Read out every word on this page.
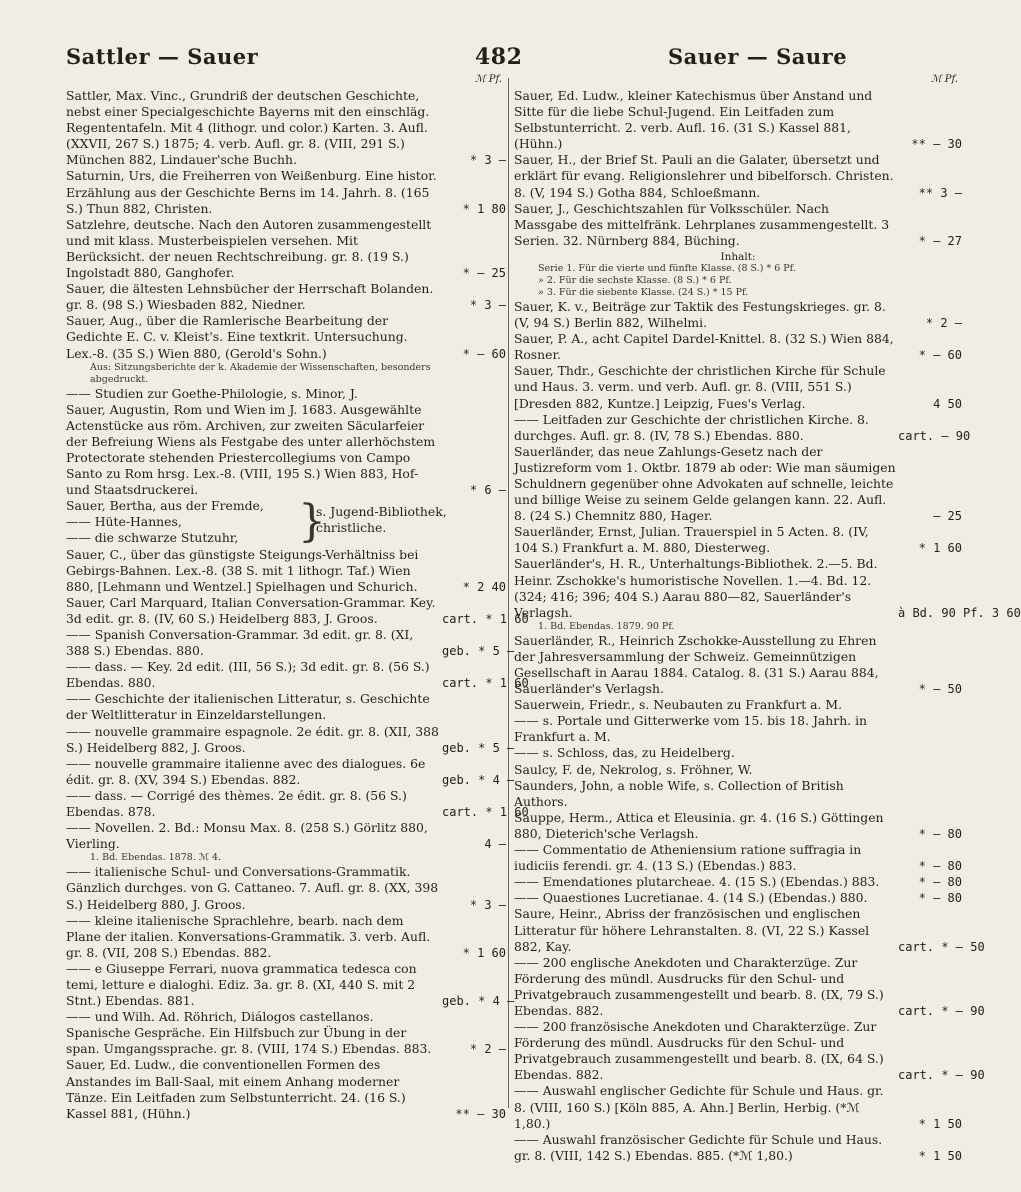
Sattler — Sauer	482	Sauer — Saure
ℳ Pf.
Sattler, Max. Vinc., Grundriß der deutschen Geschichte, nebst einer Specialgeschichte Bayerns mit den einschläg. Regententafeln. Mit 4 (lithogr. und color.) Karten. 3. Aufl. (XXVII, 267 S.) 1875; 4. verb. Aufl. gr. 8. (VIII, 291 S.) München 882, Lindauer'sche Buchh.	* 3 —
Saturnin, Urs, die Freiherren von Weißenburg. Eine histor. Erzählung aus der Geschichte Berns im 14. Jahrh. 8. (165 S.) Thun 882, Christen.	* 1 80
Satzlehre, deutsche. Nach den Autoren zusammengestellt und mit klass. Musterbeispielen versehen. Mit Berücksicht. der neuen Rechtschreibung. gr. 8. (19 S.) Ingolstadt 880, Ganghofer.	* — 25
Sauer, die ältesten Lehnsbücher der Herrschaft Bolanden. gr. 8. (98 S.) Wiesbaden 882, Niedner.	* 3 —
Sauer, Aug., über die Ramlerische Bearbeitung der Gedichte E. C. v. Kleist's. Eine textkrit. Untersuchung. Lex.-8. (35 S.) Wien 880, (Gerold's Sohn.)	* — 60
Aus: Sitzungsberichte der k. Akademie der Wissenschaften, besonders abgedruckt.
—— Studien zur Goethe-Philologie, s. Minor, J.
Sauer, Augustin, Rom und Wien im J. 1683. Ausgewählte Actenstücke aus röm. Archiven, zur zweiten Säcularfeier der Befreiung Wiens als Festgabe des unter allerhöchstem Protectorate stehenden Priestercollegiums von Campo Santo zu Rom hrsg. Lex.-8. (VIII, 195 S.) Wien 883, Hof- und Staatsdruckerei.	* 6 —
Sauer, Bertha, aus der Fremde,
—— Hüte-Hannes,
—— die schwarze Stutzuhr,	}
s. Jugend-Bibliothek, christliche.
Sauer, C., über das günstigste Steigungs-Verhältniss bei Gebirgs-Bahnen. Lex.-8. (38 S. mit 1 lithogr. Taf.) Wien 880, [Lehmann und Wentzel.] Spielhagen und Schurich.	* 2 40
Sauer, Carl Marquard, Italian Conversation-Grammar. Key. 3d edit. gr. 8. (IV, 60 S.) Heidelberg 883, J. Groos.	cart. * 1 60
—— Spanish Conversation-Grammar. 3d edit. gr. 8. (XI, 388 S.) Ebendas. 880.	geb. * 5 —
—— dass. — Key. 2d edit. (III, 56 S.); 3d edit. gr. 8. (56 S.) Ebendas. 880.	cart. * 1 60
—— Geschichte der italienischen Litteratur, s. Geschichte der Weltlitteratur in Einzeldarstellungen.
—— nouvelle grammaire espagnole. 2e édit. gr. 8. (XII, 388 S.) Heidelberg 882, J. Groos.	geb. * 5 —
—— nouvelle grammaire italienne avec des dialogues. 6e édit. gr. 8. (XV, 394 S.) Ebendas. 882.	geb. * 4 —
—— dass. — Corrigé des thèmes. 2e édit. gr. 8. (56 S.) Ebendas. 878.	cart. * 1 60
—— Novellen. 2. Bd.: Monsu Max. 8. (258 S.) Görlitz 880, Vierling.	4 —
1. Bd. Ebendas. 1878. ℳ 4.
—— italienische Schul- und Conversations-Grammatik. Gänzlich durchges. von G. Cattaneo. 7. Aufl. gr. 8. (XX, 398 S.) Heidelberg 880, J. Groos.	* 3 —
—— kleine italienische Sprachlehre, bearb. nach dem Plane der italien. Konversations-Grammatik. 3. verb. Aufl. gr. 8. (VII, 208 S.) Ebendas. 882.	* 1 60
—— e Giuseppe Ferrari, nuova grammatica tedesca con temi, letture e dialoghi. Ediz. 3a. gr. 8. (XI, 440 S. mit 2 Stnt.) Ebendas. 881.	geb. * 4 —
—— und Wilh. Ad. Röhrich, Diálogos castellanos. Spanische Gespräche. Ein Hilfsbuch zur Übung in der span. Umgangssprache. gr. 8. (VIII, 174 S.) Ebendas. 883.	* 2 —
Sauer, Ed. Ludw., die conventionellen Formen des Anstandes im Ball-Saal, mit einem Anhang moderner Tänze. Ein Leitfaden zum Selbstunterricht. 24. (16 S.) Kassel 881, (Hühn.)	** — 30
ℳ Pf.
Sauer, Ed. Ludw., kleiner Katechismus über Anstand und Sitte für die liebe Schul-Jugend. Ein Leitfaden zum Selbstunterricht. 2. verb. Aufl. 16. (31 S.) Kassel 881, (Hühn.)	** — 30
Sauer, H., der Brief St. Pauli an die Galater, übersetzt und erklärt für evang. Religionslehrer und bibelforsch. Christen. 8. (V, 194 S.) Gotha 884, Schloeßmann.	** 3 —
Sauer, J., Geschichtszahlen für Volksschüler. Nach Massgabe des mittelfränk. Lehrplanes zusammengestellt. 3 Serien. 32. Nürnberg 884, Büching.	* — 27
Inhalt:
Serie 1. Für die vierte und fünfte Klasse. (8 S.) * 6 Pf.
» 2. Für die sechste Klasse. (8 S.) * 6 Pf.
» 3. Für die siebente Klasse. (24 S.) * 15 Pf.
Sauer, K. v., Beiträge zur Taktik des Festungskrieges. gr. 8. (V, 94 S.) Berlin 882, Wilhelmi.	* 2 —
Sauer, P. A., acht Capitel Dardel-Knittel. 8. (32 S.) Wien 884, Rosner.	* — 60
Sauer, Thdr., Geschichte der christlichen Kirche für Schule und Haus. 3. verm. und verb. Aufl. gr. 8. (VIII, 551 S.) [Dresden 882, Kuntze.] Leipzig, Fues's Verlag.	4 50
—— Leitfaden zur Geschichte der christlichen Kirche. 8. durchges. Aufl. gr. 8. (IV, 78 S.) Ebendas. 880.	cart. — 90
Sauerländer, das neue Zahlungs-Gesetz nach der Justizreform vom 1. Oktbr. 1879 ab oder: Wie man säumigen Schuldnern gegenüber ohne Advokaten auf schnelle, leichte und billige Weise zu seinem Gelde gelangen kann. 22. Aufl. 8. (24 S.) Chemnitz 880, Hager.	— 25
Sauerländer, Ernst, Julian. Trauerspiel in 5 Acten. 8. (IV, 104 S.) Frankfurt a. M. 880, Diesterweg.	* 1 60
Sauerländer's, H. R., Unterhaltungs-Bibliothek. 2.—5. Bd. Heinr. Zschokke's humoristische Novellen. 1.—4. Bd. 12. (324; 416; 396; 404 S.) Aarau 880—82, Sauerländer's Verlagsh.	à Bd. 90 Pf. 3 60
1. Bd. Ebendas. 1879. 90 Pf.
Sauerländer, R., Heinrich Zschokke-Ausstellung zu Ehren der Jahresversammlung der Schweiz. Gemeinnützigen Gesellschaft in Aarau 1884. Catalog. 8. (31 S.) Aarau 884, Sauerländer's Verlagsh.	* — 50
Sauerwein, Friedr., s. Neubauten zu Frankfurt a. M.
—— s. Portale und Gitterwerke vom 15. bis 18. Jahrh. in Frankfurt a. M.
—— s. Schloss, das, zu Heidelberg.
Saulcy, F. de, Nekrolog, s. Fröhner, W.
Saunders, John, a noble Wife, s. Collection of British Authors.
Sauppe, Herm., Attica et Eleusinia. gr. 4. (16 S.) Göttingen 880, Dieterich'sche Verlagsh.	* — 80
—— Commentatio de Atheniensium ratione suffragia in iudiciis ferendi. gr. 4. (13 S.) (Ebendas.) 883.	* — 80
—— Emendationes plutarcheae. 4. (15 S.) (Ebendas.) 883.	* — 80
—— Quaestiones Lucretianae. 4. (14 S.) (Ebendas.) 880.	* — 80
Saure, Heinr., Abriss der französischen und englischen Litteratur für höhere Lehranstalten. 8. (VI, 22 S.) Kassel 882, Kay.	cart. * — 50
—— 200 englische Anekdoten und Charakterzüge. Zur Förderung des mündl. Ausdrucks für den Schul- und Privatgebrauch zusammengestellt und bearb. 8. (IX, 79 S.) Ebendas. 882.	cart. * — 90
—— 200 französische Anekdoten und Charakterzüge. Zur Förderung des mündl. Ausdrucks für den Schul- und Privatgebrauch zusammengestellt und bearb. 8. (IX, 64 S.) Ebendas. 882.	cart. * — 90
—— Auswahl englischer Gedichte für Schule und Haus. gr. 8. (VIII, 160 S.) [Köln 885, A. Ahn.] Berlin, Herbig. (*ℳ 1,80.)	* 1 50
—— Auswahl französischer Gedichte für Schule und Haus. gr. 8. (VIII, 142 S.) Ebendas. 885. (*ℳ 1,80.)	* 1 50
